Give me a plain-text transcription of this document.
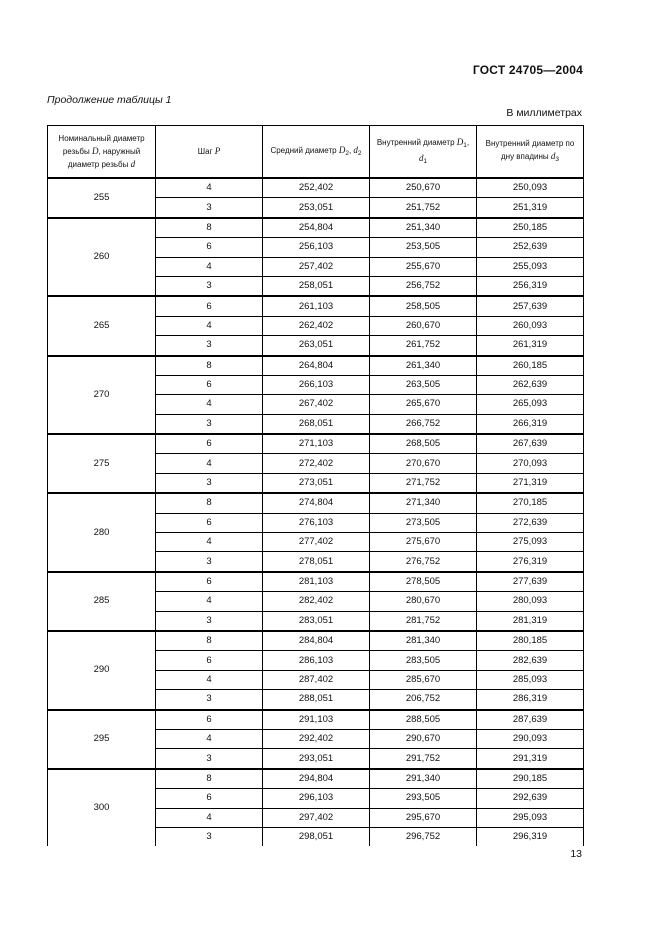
ГОСТ 24705—2004
Продолжение таблицы 1
В миллиметрах
Номинальный диаметр резьбы D, наружный диаметр резьбы d	Шаг P	Средний диаметр $D_2$, $d_2$	Внутренний диаметр $D_1$, $d_1$	Внутренний диаметр по дну впадины $d_3$
255	4	252,402	250,670	250,093
	3	253,051	251,752	251,319
260	8	254,804	251,340	250,185
	6	256,103	253,505	252,639
	4	257,402	255,670	255,093
	3	258,051	256,752	256,319
265	6	261,103	258,505	257,639
	4	262,402	260,670	260,093
	3	263,051	261,752	261,319
270	8	264,804	261,340	260,185
	6	266,103	263,505	262,639
	4	267,402	265,670	265,093
	3	268,051	266,752	266,319
275	6	271,103	268,505	267,639
	4	272,402	270,670	270,093
	3	273,051	271,752	271,319
280	8	274,804	271,340	270,185
	6	276,103	273,505	272,639
	4	277,402	275,670	275,093
	3	278,051	276,752	276,319
285	6	281,103	278,505	277,639
	4	282,402	280,670	280,093
	3	283,051	281,752	281,319
290	8	284,804	281,340	280,185
	6	286,103	283,505	282,639
	4	287,402	285,670	285,093
	3	288,051	206,752	286,319
295	6	291,103	288,505	287,639
	4	292,402	290,670	290,093
	3	293,051	291,752	291,319
300	8	294,804	291,340	290,185
	6	296,103	293,505	292,639
	4	297,402	295,670	295,093
	3	298,051	296,752	296,319
13
